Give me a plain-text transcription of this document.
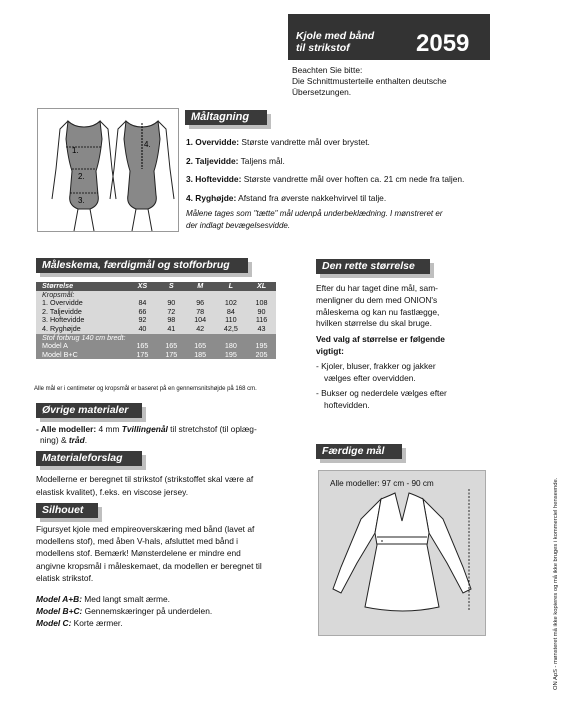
Kjole med bånd
til strikstof	2059
Beachten Sie bitte:
Die Schnittmusterteile enthalten deutsche
Übersetzungen.
1.
2.
3.
4.
Måltagning
1. Overvidde: Største vandrette mål over brystet.
2. Taljevidde: Taljens mål.
3. Hoftevidde: Største vandrette mål over hoften ca. 21 cm nede fra taljen.
4. Ryghøjde: Afstand fra øverste nakkehvirvel til talje.
Målene tages som "tætte" mål udenpå underbeklædning. I mønstreret er
der indlagt bevægelsesvidde.
Måleskema, færdigmål og stofforbrug
Størrelse	XS	S	M	L	XL
Kropsmål:					
1. Overvidde	84	90	96	102	108
2. Taljevidde	66	72	78	84	90
3. Hoftevidde	92	98	104	110	116
4. Ryghøjde	40	41	42	42,5	43
Stof forbrug 140 cm bredt:					
Model A	165	165	165	180	195
Model B+C	175	175	185	195	205
Alle mål er i centimeter og kropsmål er baseret på en gennemsnitshøjde på 168 cm.
Øvrige materialer
- Alle modeller: 4 mm Tvillingenål til stretchstof (til oplæg-
ning) & tråd.
Materialeforslag
Modellerne er beregnet til strikstof (strikstoffet skal være af
elastisk kvalitet), f.eks. en viscose jersey.
Silhouet
Figursyet kjole med empireoverskæring med bånd (lavet af
modellens stof), med åben V-hals, afsluttet med bånd i
modellens stof. Bemærk! Mønsterdelene er mindre end
angivne kropsmål i måleskemaet, da modellen er beregnet til
elatisk strikstof.
Model A+B: Med langt smalt ærme.
Model B+C: Gennemskæringer på underdelen.
Model C: Korte ærmer.
Den rette størrelse
Efter du har taget dine mål, sam-
menligner du dem med ONION's
måleskema og kan nu fastlægge,
hvilken størrelse du skal bruge.
Ved valg af størrelse er følgende
vigtigt:
- Kjoler, bluser, frakker og jakker
vælges efter overvidden.
- Bukser og nederdele vælges efter
hoftevidden.
Færdige mål
Alle modeller: 97 cm - 90 cm	ON ApS - mønsteret må ikke kopieres og må ikke bruges i kommerciel henseende.
